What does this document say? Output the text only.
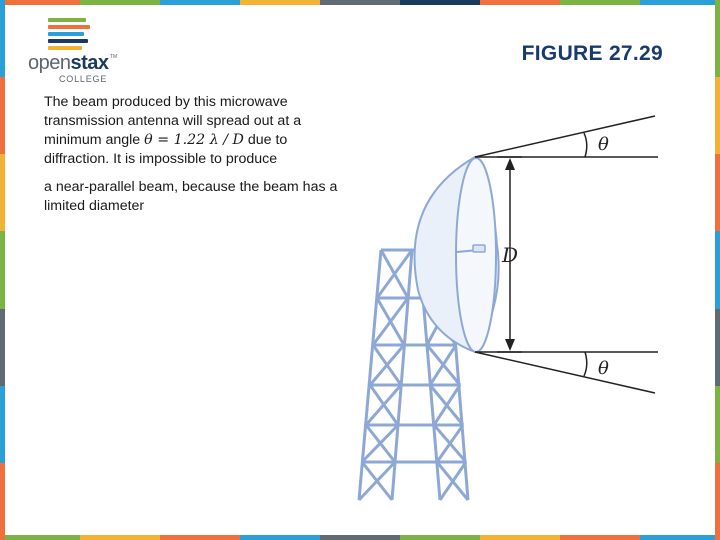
openstax TM
COLLEGE
FIGURE 27.29

The beam produced by this microwave transmission antenna will spread out at a minimum angle θ = 1.22 λ / D due to diffraction. It is impossible to produce

a near-parallel beam, because the beam has a limited diameter

θ
D
θ
